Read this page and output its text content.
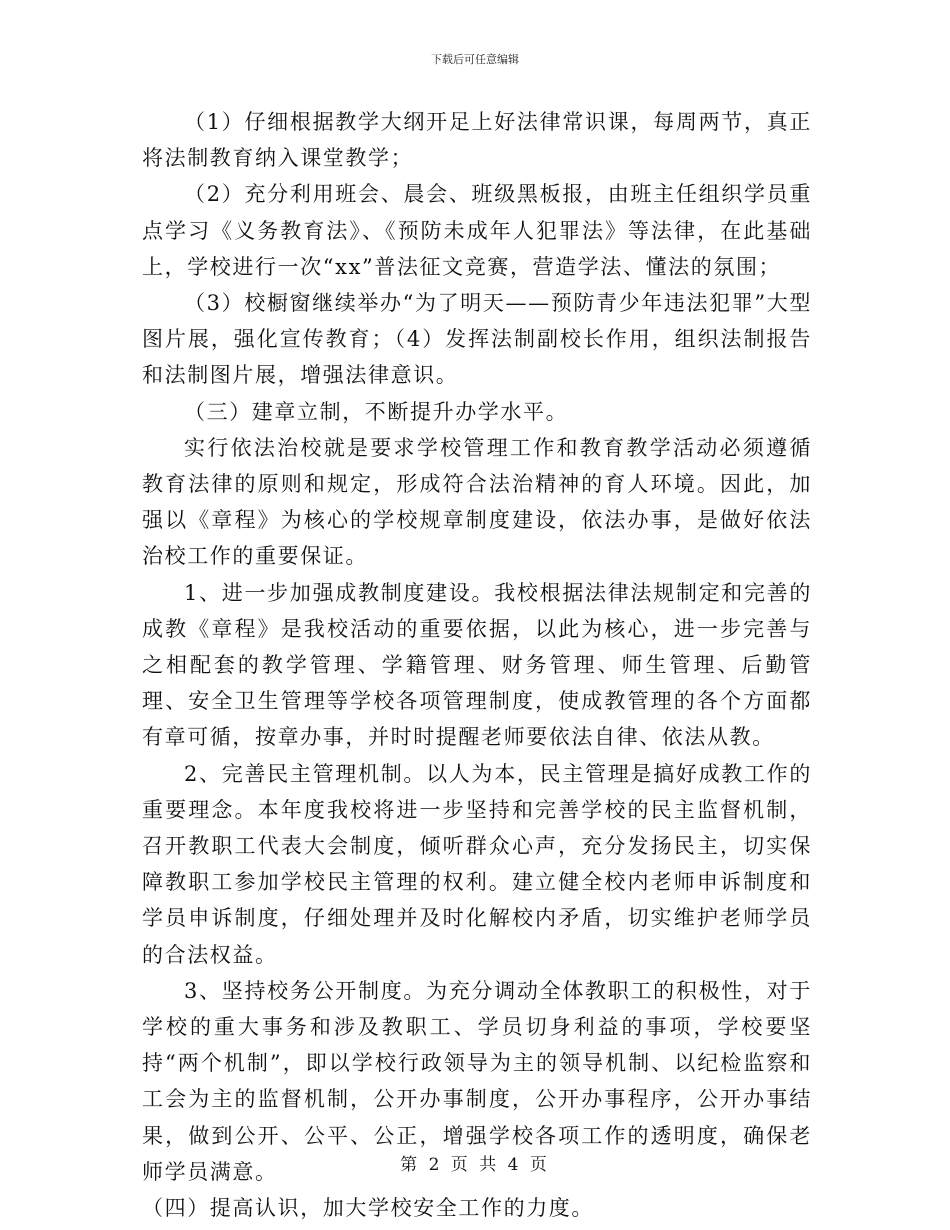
下载后可任意编辑

（1）仔细根据教学大纲开足上好法律常识课，每周两节，真正将法制教育纳入课堂教学；

（2）充分利用班会、晨会、班级黑板报，由班主任组织学员重点学习《义务教育法》、《预防未成年人犯罪法》等法律，在此基础上，学校进行一次“xx”普法征文竞赛，营造学法、懂法的氛围；

（3）校橱窗继续举办“为了明天——预防青少年违法犯罪”大型图片展，强化宣传教育；（4）发挥法制副校长作用，组织法制报告和法制图片展，增强法律意识。

（三）建章立制，不断提升办学水平。

实行依法治校就是要求学校管理工作和教育教学活动必须遵循教育法律的原则和规定，形成符合法治精神的育人环境。因此，加强以《章程》为核心的学校规章制度建设，依法办事，是做好依法治校工作的重要保证。

1、进一步加强成教制度建设。我校根据法律法规制定和完善的成教《章程》是我校活动的重要依据，以此为核心，进一步完善与之相配套的教学管理、学籍管理、财务管理、师生管理、后勤管理、安全卫生管理等学校各项管理制度，使成教管理的各个方面都有章可循，按章办事，并时时提醒老师要依法自律、依法从教。

2、完善民主管理机制。以人为本，民主管理是搞好成教工作的重要理念。本年度我校将进一步坚持和完善学校的民主监督机制，召开教职工代表大会制度，倾听群众心声，充分发扬民主，切实保障教职工参加学校民主管理的权利。建立健全校内老师申诉制度和学员申诉制度，仔细处理并及时化解校内矛盾，切实维护老师学员的合法权益。

3、坚持校务公开制度。为充分调动全体教职工的积极性，对于学校的重大事务和涉及教职工、学员切身利益的事项，学校要坚持“两个机制”，即以学校行政领导为主的领导机制、以纪检监察和工会为主的监督机制，公开办事制度，公开办事程序，公开办事结果，做到公开、公平、公正，增强学校各项工作的透明度，确保老师学员满意。

（四）提高认识，加大学校安全工作的力度。

第 2 页 共 4 页
